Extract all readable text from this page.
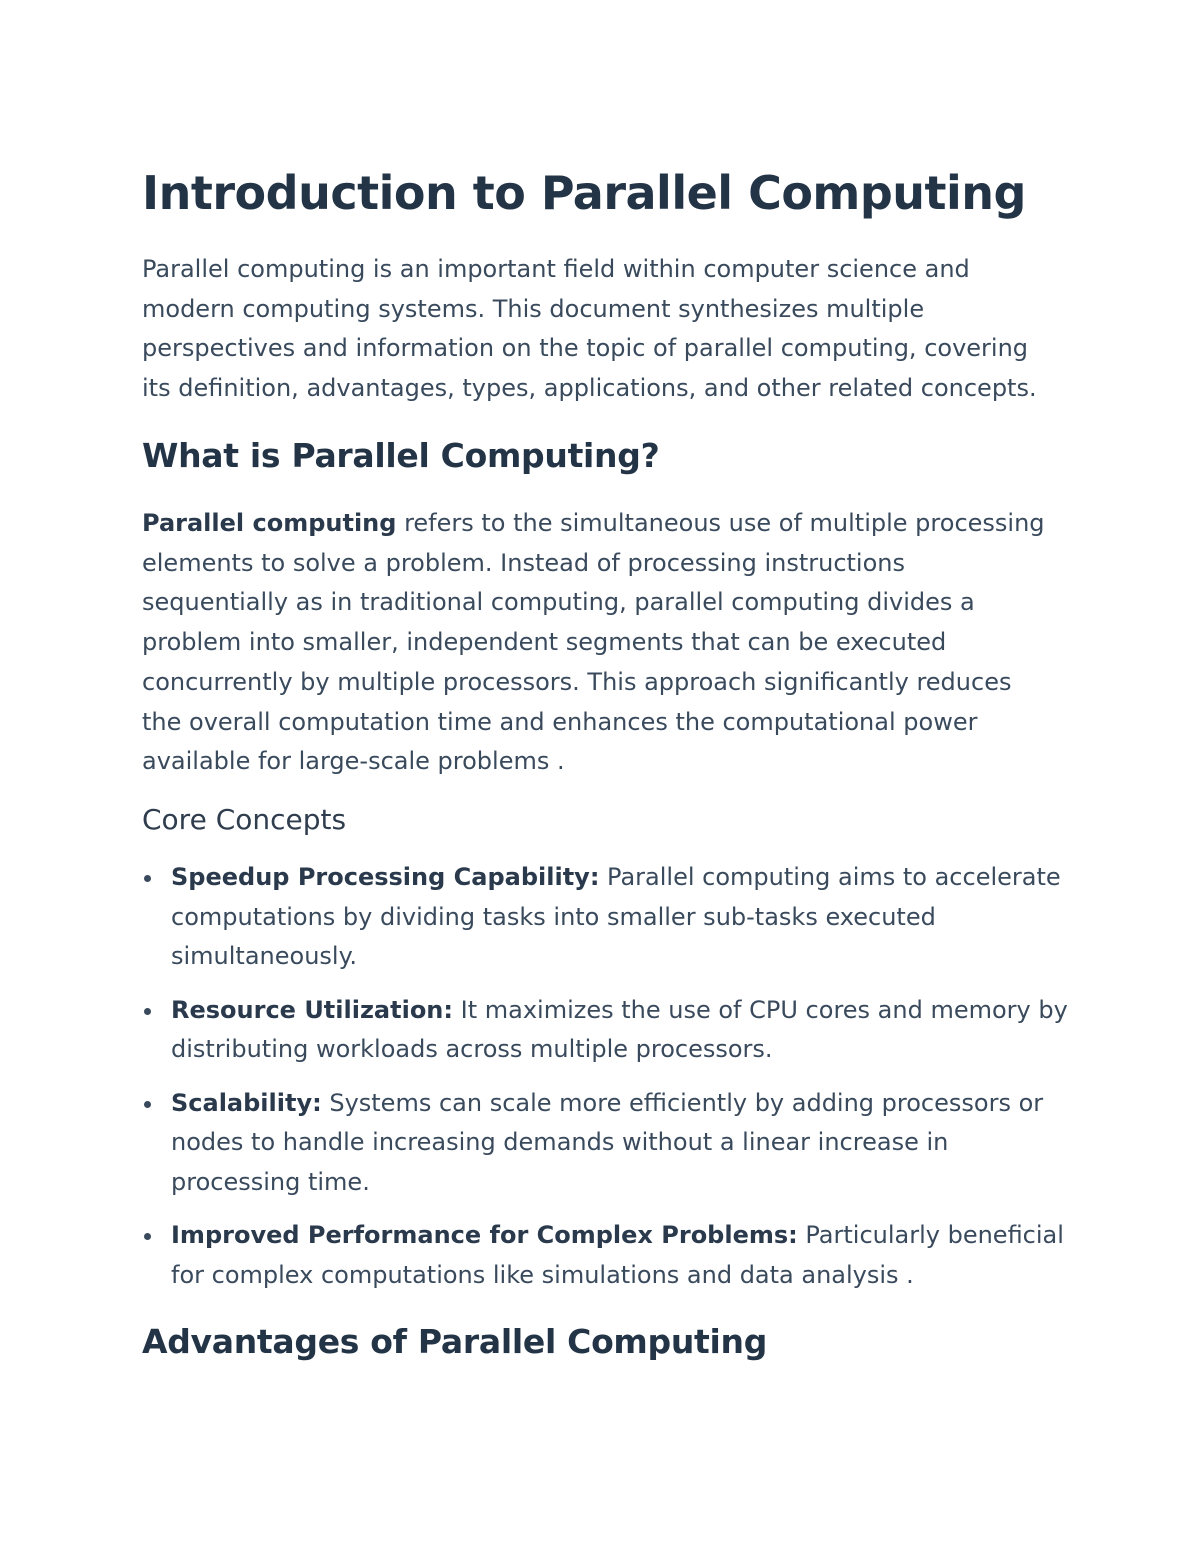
Introduction to Parallel Computing

Parallel computing is an important field within computer science and
modern computing systems. This document synthesizes multiple
perspectives and information on the topic of parallel computing, covering
its definition, advantages, types, applications, and other related concepts.

What is Parallel Computing?

Parallel computing refers to the simultaneous use of multiple processing
elements to solve a problem. Instead of processing instructions
sequentially as in traditional computing, parallel computing divides a
problem into smaller, independent segments that can be executed
concurrently by multiple processors. This approach significantly reduces
the overall computation time and enhances the computational power
available for large-scale problems .

Core Concepts
Speedup Processing Capability: Parallel computing aims to accelerate
computations by dividing tasks into smaller sub-tasks executed
simultaneously.
Resource Utilization: It maximizes the use of CPU cores and memory by
distributing workloads across multiple processors.
Scalability: Systems can scale more efficiently by adding processors or
nodes to handle increasing demands without a linear increase in
processing time.
Improved Performance for Complex Problems: Particularly beneficial
for complex computations like simulations and data analysis .
Advantages of Parallel Computing
